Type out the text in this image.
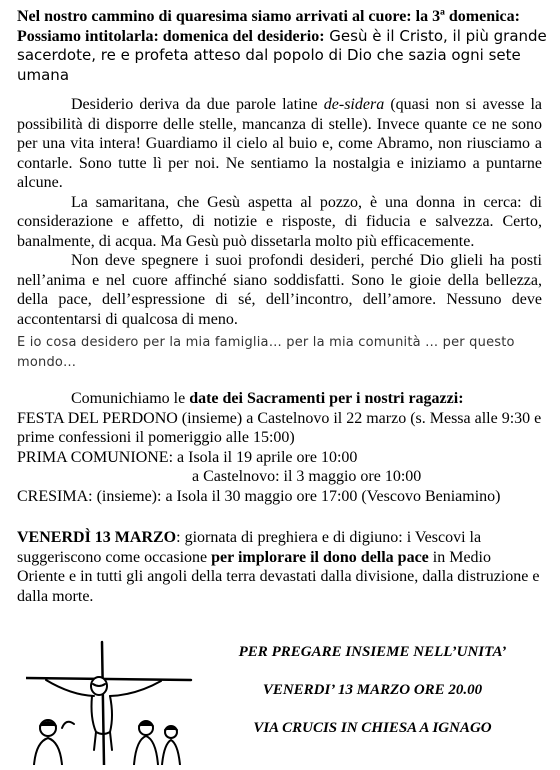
Nel nostro cammino di quaresima siamo arrivati al cuore: la 3ª domenica: Possiamo intitolarla: domenica del desiderio: Gesù è il Cristo, il più grande sacerdote, re e profeta atteso dal popolo di Dio che sazia ogni sete umana

Desiderio deriva da due parole latine de-sidera (quasi non si avesse la possibilità di disporre delle stelle, mancanza di stelle). Invece quante ce ne sono per una vita intera! Guardiamo il cielo al buio e, come Abramo, non riusciamo a contarle. Sono tutte lì per noi. Ne sentiamo la nostalgia e iniziamo a puntarne alcune.

La samaritana, che Gesù aspetta al pozzo, è una donna in cerca: di considerazione e affetto, di notizie e risposte, di fiducia e salvezza. Certo, banalmente, di acqua. Ma Gesù può dissetarla molto più efficacemente.

Non deve spegnere i suoi profondi desideri, perché Dio glieli ha posti nell’anima e nel cuore affinché siano soddisfatti. Sono le gioie della bellezza, della pace, dell’espressione di sé, dell’incontro, dell’amore. Nessuno deve accontentarsi di qualcosa di meno.

E io cosa desidero per la mia famiglia… per la mia comunità … per questo mondo…

Comunichiamo le date dei Sacramenti per i nostri ragazzi:

FESTA DEL PERDONO (insieme) a Castelnovo il 22 marzo (s. Messa alle 9:30 e prime confessioni il pomeriggio alle 15:00)

PRIMA COMUNIONE: a Isola il 19 aprile ore 10:00

a Castelnovo: il 3 maggio ore 10:00

CRESIMA: (insieme): a Isola il 30 maggio ore 17:00 (Vescovo Beniamino)

VENERDÌ 13 MARZO: giornata di preghiera e di digiuno: i Vescovi la suggeriscono come occasione per implorare il dono della pace in Medio Oriente e in tutti gli angoli della terra devastati dalla divisione, dalla distruzione e dalla morte.

PER PREGARE INSIEME NELL’UNITA’

VENERDI’ 13 MARZO ORE 20.00

VIA CRUCIS IN CHIESA A IGNAGO
